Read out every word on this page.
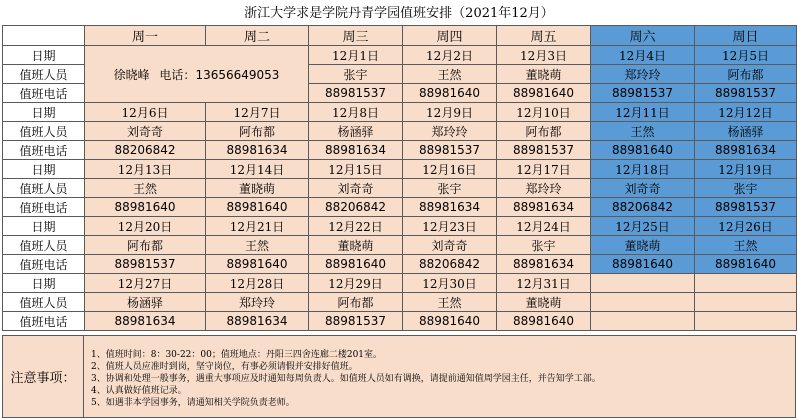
浙江大学求是学院丹青学园值班安排（2021年12月）
	周一	周二	周三	周四	周五	周六	周日
日期	徐晓峰 电话：13656649053		12月1日	12月2日	12月3日	12月4日	12月5日
值班人员			张宇	王然	董晓萌	郑玲玲	阿布都
值班电话			88981537	88981640	88981640	88981537	88981537
日期	12月6日	12月7日	12月8日	12月9日	12月10日	12月11日	12月12日
值班人员	刘奇奇	阿布都	杨涵驿	郑玲玲	阿布都	王然	杨涵驿
值班电话	88206842	88981634	88981634	88981537	88981537	88981640	88981634
日期	12月13日	12月14日	12月15日	12月16日	12月17日	12月18日	12月19日
值班人员	王然	董晓萌	刘奇奇	张宇	郑玲玲	刘奇奇	张宇
值班电话	88981640	88981640	88206842	88981634	88981634	88206842	88981537
日期	12月20日	12月21日	12月22日	12月23日	12月24日	12月25日	12月26日
值班人员	阿布都	王然	董晓萌	刘奇奇	张宇	董晓萌	王然
值班电话	88981537	88981640	88981640	88206842	88981634	88981640	88981640
日期	12月27日	12月28日	12月29日	12月30日	12月31日		
值班人员	杨涵驿	郑玲玲	阿布都	王然	董晓萌		
值班电话	88981634	88981634	88981537	88981640	88981640		
注意事项：
1、值班时间：8：30-22：00；值班地点：丹阳三四舍连廊二楼201室。
2、值班人员应准时到岗，坚守岗位，有事必须请假并安排好值班。
3、协调和处理一般事务，遇重大事项应及时通知每周负责人。如值班人员如有调换，请提前通知值周学园主任，并告知学工部。
4、认真做好值班记录。
5、如遇非本学园事务，请通知相关学院负责老师。
